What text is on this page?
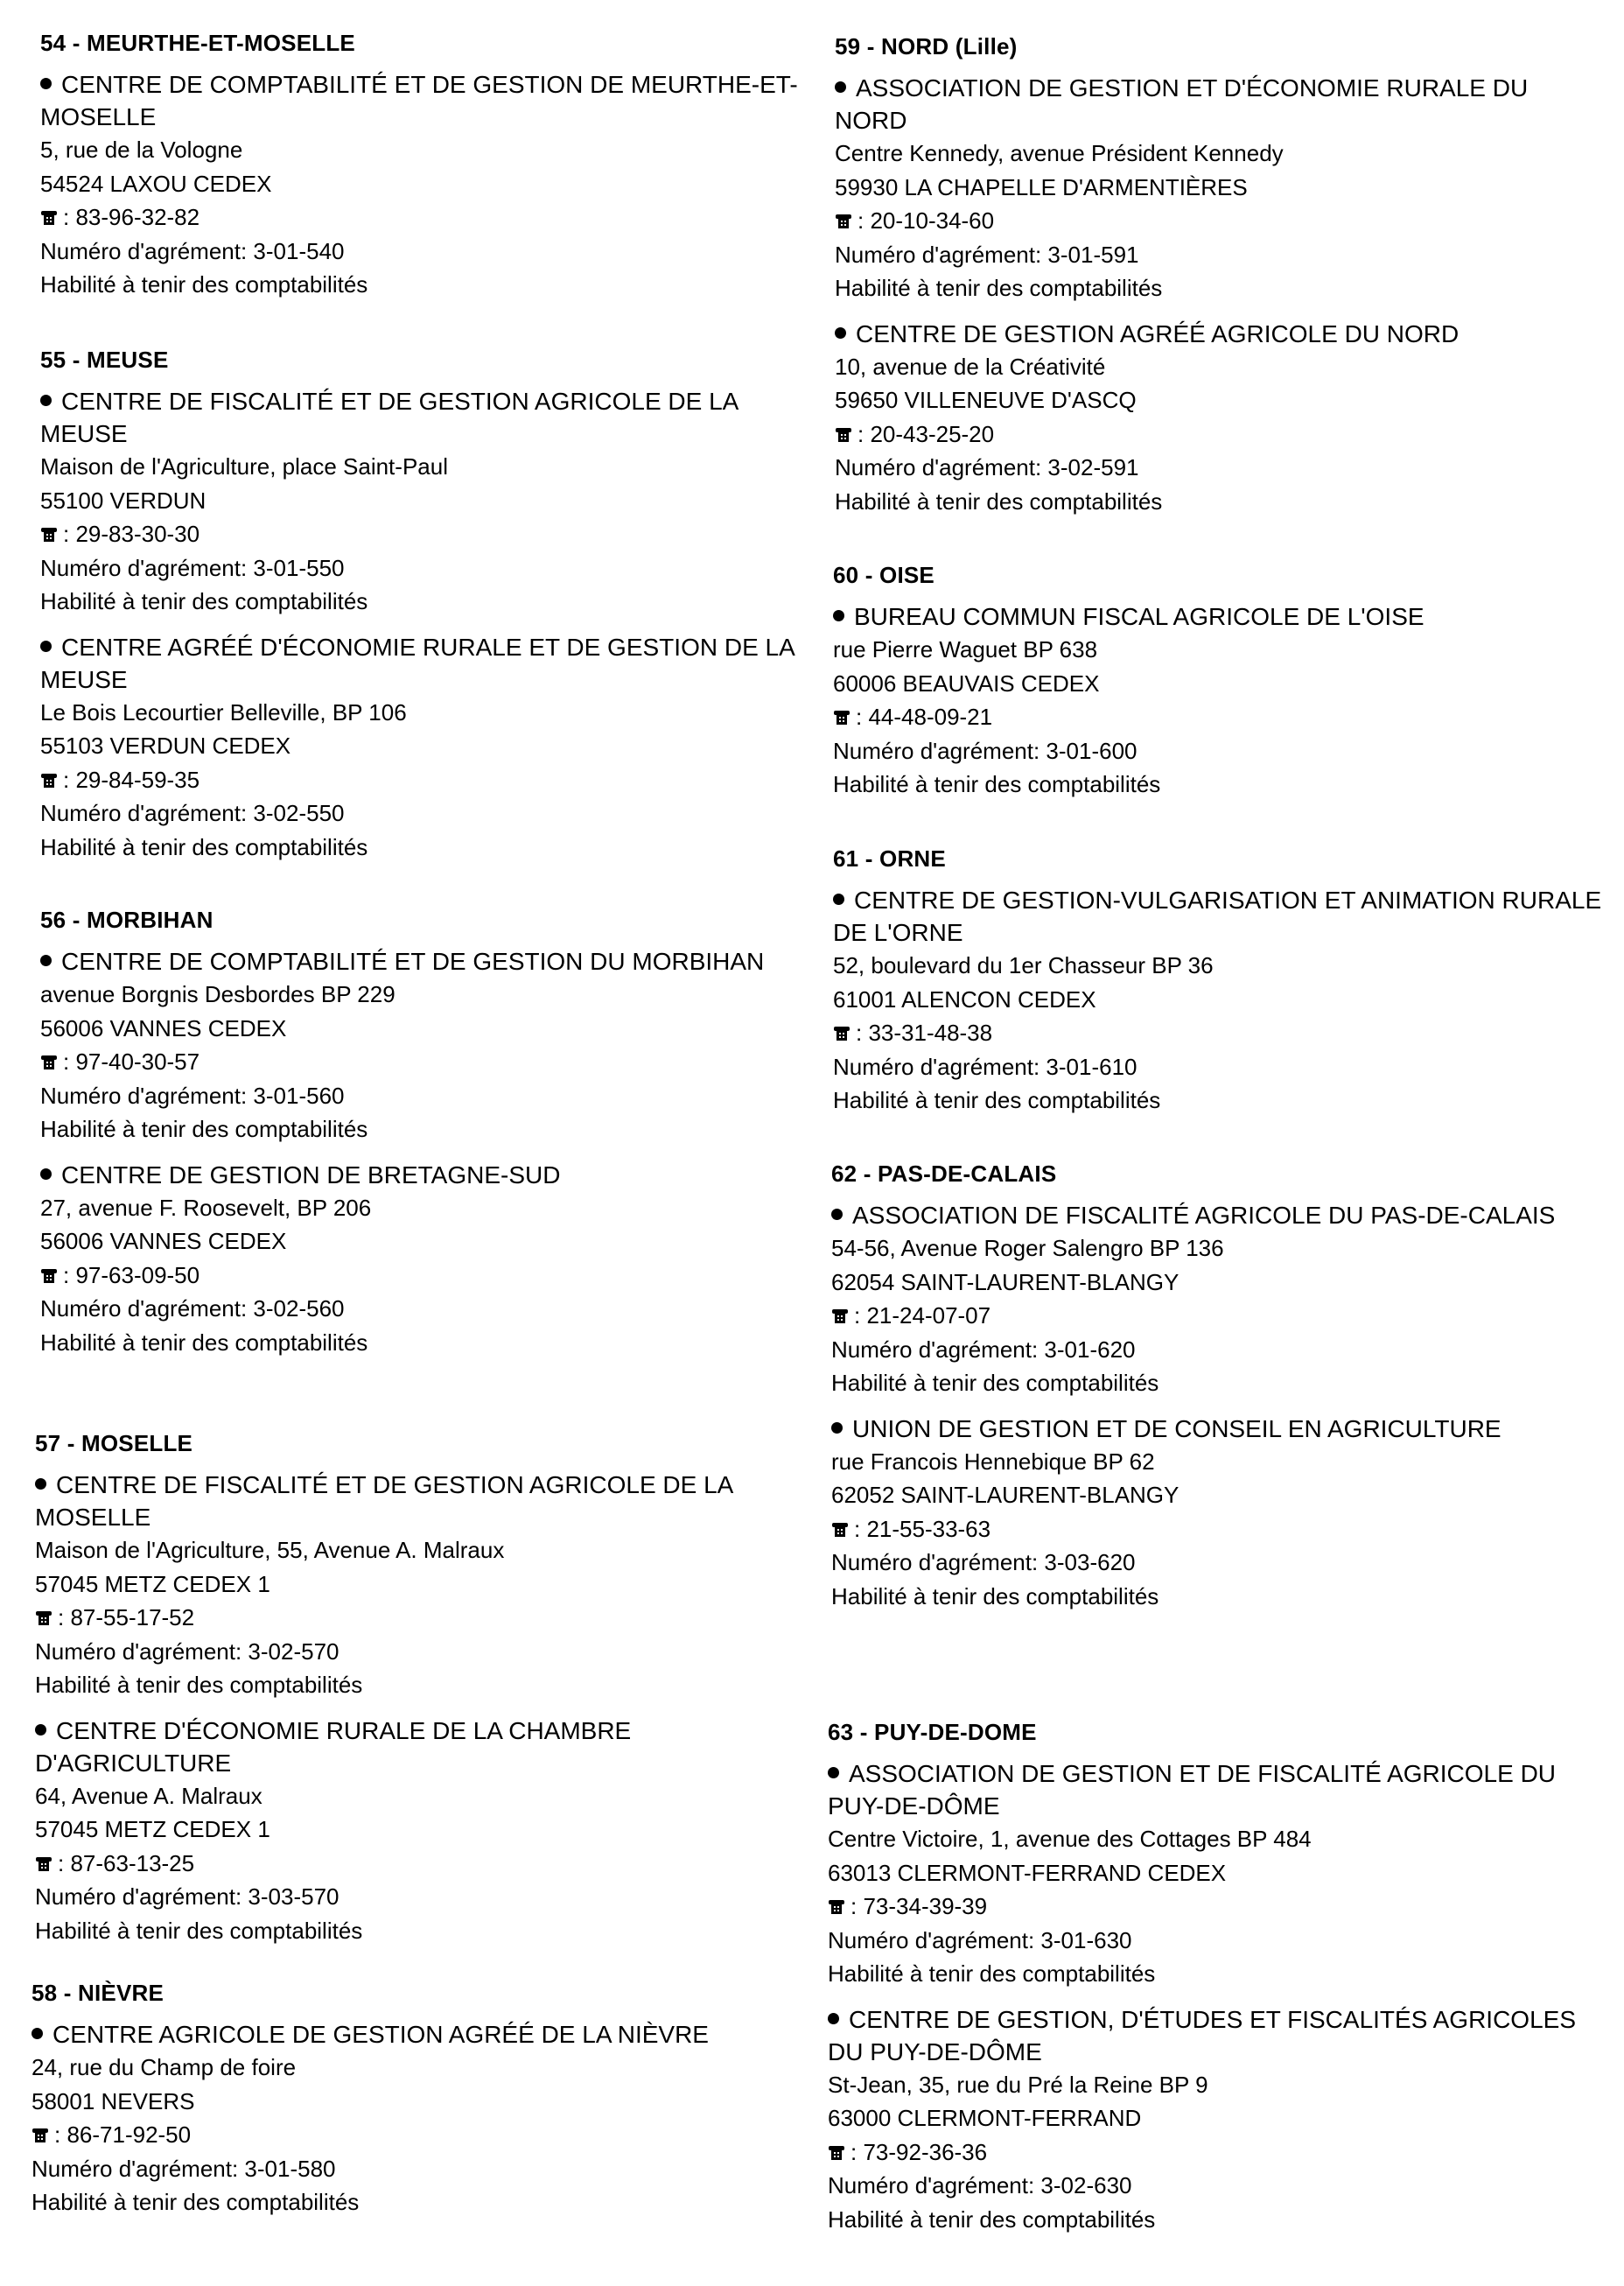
54 - MEURTHE-ET-MOSELLE
CENTRE DE COMPTABILITÉ ET DE GESTION DE MEURTHE-ET-MOSELLE
5, rue de la Vologne
54524 LAXOU CEDEX
: 83-96-32-82
Numéro d'agrément: 3-01-540
Habilité à tenir des comptabilités
55 - MEUSE
CENTRE DE FISCALITÉ ET DE GESTION AGRICOLE DE LA MEUSE
Maison de l'Agriculture, place Saint-Paul
55100 VERDUN
: 29-83-30-30
Numéro d'agrément: 3-01-550
Habilité à tenir des comptabilités
CENTRE AGRÉÉ D'ÉCONOMIE RURALE ET DE GESTION DE LA MEUSE
Le Bois Lecourtier Belleville, BP 106
55103 VERDUN CEDEX
: 29-84-59-35
Numéro d'agrément: 3-02-550
Habilité à tenir des comptabilités
56 - MORBIHAN
CENTRE DE COMPTABILITÉ ET DE GESTION DU MORBIHAN
avenue Borgnis Desbordes BP 229
56006 VANNES CEDEX
: 97-40-30-57
Numéro d'agrément: 3-01-560
Habilité à tenir des comptabilités
CENTRE DE GESTION DE BRETAGNE-SUD
27, avenue F. Roosevelt, BP 206
56006 VANNES CEDEX
: 97-63-09-50
Numéro d'agrément: 3-02-560
Habilité à tenir des comptabilités
57 - MOSELLE
CENTRE DE FISCALITÉ ET DE GESTION AGRICOLE DE LA MOSELLE
Maison de l'Agriculture, 55, Avenue A. Malraux
57045 METZ CEDEX 1
: 87-55-17-52
Numéro d'agrément: 3-02-570
Habilité à tenir des comptabilités
CENTRE D'ÉCONOMIE RURALE DE LA CHAMBRE D'AGRICULTURE
64, Avenue A. Malraux
57045 METZ CEDEX 1
: 87-63-13-25
Numéro d'agrément: 3-03-570
Habilité à tenir des comptabilités
58 - NIÈVRE
CENTRE AGRICOLE DE GESTION AGRÉÉ DE LA NIÈVRE
24, rue du Champ de foire
58001 NEVERS
: 86-71-92-50
Numéro d'agrément: 3-01-580
Habilité à tenir des comptabilités
59 - NORD (Lille)
ASSOCIATION DE GESTION ET D'ÉCONOMIE RURALE DU NORD
Centre Kennedy, avenue Président Kennedy
59930 LA CHAPELLE D'ARMENTIÈRES
: 20-10-34-60
Numéro d'agrément: 3-01-591
Habilité à tenir des comptabilités
CENTRE DE GESTION AGRÉÉ AGRICOLE DU NORD
10, avenue de la Créativité
59650 VILLENEUVE D'ASCQ
: 20-43-25-20
Numéro d'agrément: 3-02-591
Habilité à tenir des comptabilités
60 - OISE
BUREAU COMMUN FISCAL AGRICOLE DE L'OISE
rue Pierre Waguet BP 638
60006 BEAUVAIS CEDEX
: 44-48-09-21
Numéro d'agrément: 3-01-600
Habilité à tenir des comptabilités
61 - ORNE
CENTRE DE GESTION-VULGARISATION ET ANIMATION RURALE DE L'ORNE
52, boulevard du 1er Chasseur BP 36
61001 ALENCON CEDEX
: 33-31-48-38
Numéro d'agrément: 3-01-610
Habilité à tenir des comptabilités
62 - PAS-DE-CALAIS
ASSOCIATION DE FISCALITÉ AGRICOLE DU PAS-DE-CALAIS
54-56, Avenue Roger Salengro BP 136
62054 SAINT-LAURENT-BLANGY
: 21-24-07-07
Numéro d'agrément: 3-01-620
Habilité à tenir des comptabilités
UNION DE GESTION ET DE CONSEIL EN AGRICULTURE
rue Francois Hennebique BP 62
62052 SAINT-LAURENT-BLANGY
: 21-55-33-63
Numéro d'agrément: 3-03-620
Habilité à tenir des comptabilités
63 - PUY-DE-DOME
ASSOCIATION DE GESTION ET DE FISCALITÉ AGRICOLE DU PUY-DE-DÔME
Centre Victoire, 1, avenue des Cottages BP 484
63013 CLERMONT-FERRAND CEDEX
: 73-34-39-39
Numéro d'agrément: 3-01-630
Habilité à tenir des comptabilités
CENTRE DE GESTION, D'ÉTUDES ET FISCALITÉS AGRICOLES DU PUY-DE-DÔME
St-Jean, 35, rue du Pré la Reine BP 9
63000 CLERMONT-FERRAND
: 73-92-36-36
Numéro d'agrément: 3-02-630
Habilité à tenir des comptabilités
